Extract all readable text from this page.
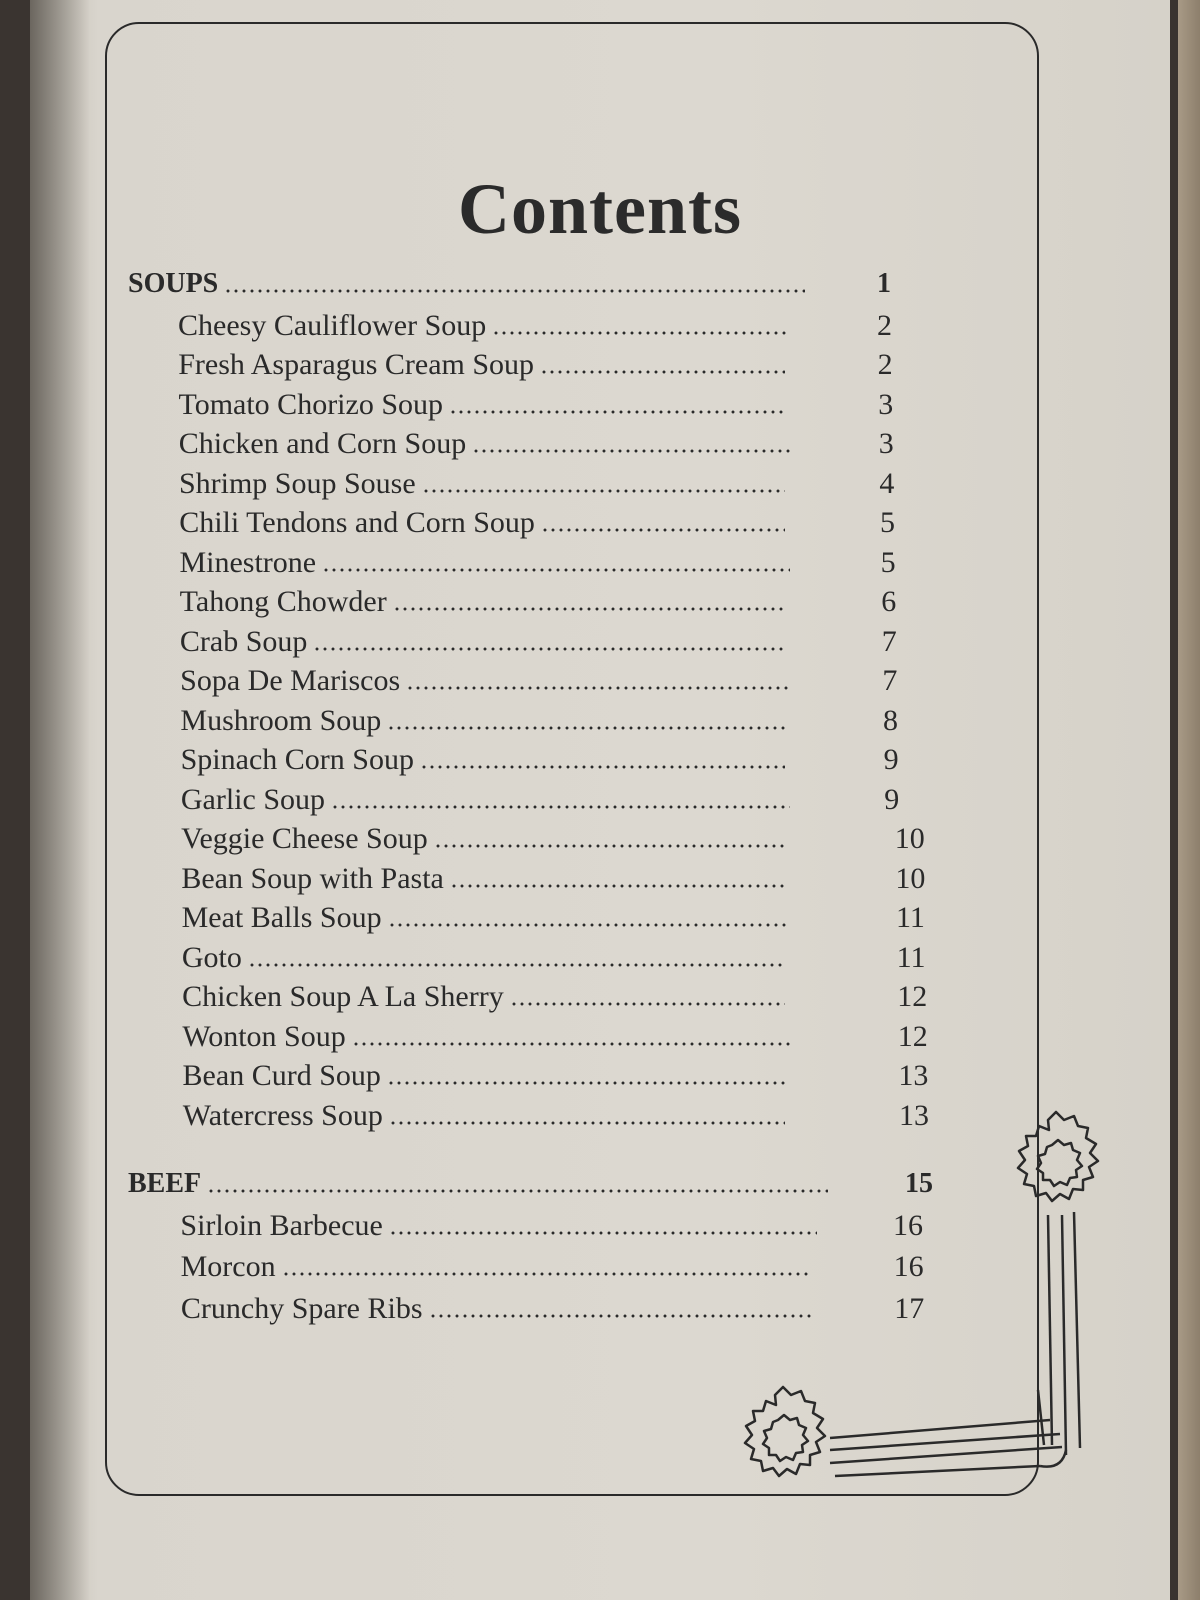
Contents
SOUPS	1
Cheesy Cauliflower Soup	2
Fresh Asparagus Cream Soup	2
Tomato Chorizo Soup	3
Chicken and Corn Soup	3
Shrimp Soup Souse	4
Chili Tendons and Corn Soup	5
Minestrone	5
Tahong Chowder	6
Crab Soup	7
Sopa De Mariscos	7
Mushroom Soup	8
Spinach Corn Soup	9
Garlic Soup	9
Veggie Cheese Soup	10
Bean Soup with Pasta	10
Meat Balls Soup	11
Goto	11
Chicken Soup A La Sherry	12
Wonton Soup	12
Bean Curd Soup	13
Watercress Soup	13
BEEF	15
Sirloin Barbecue	16
Morcon	16
Crunchy Spare Ribs	17
